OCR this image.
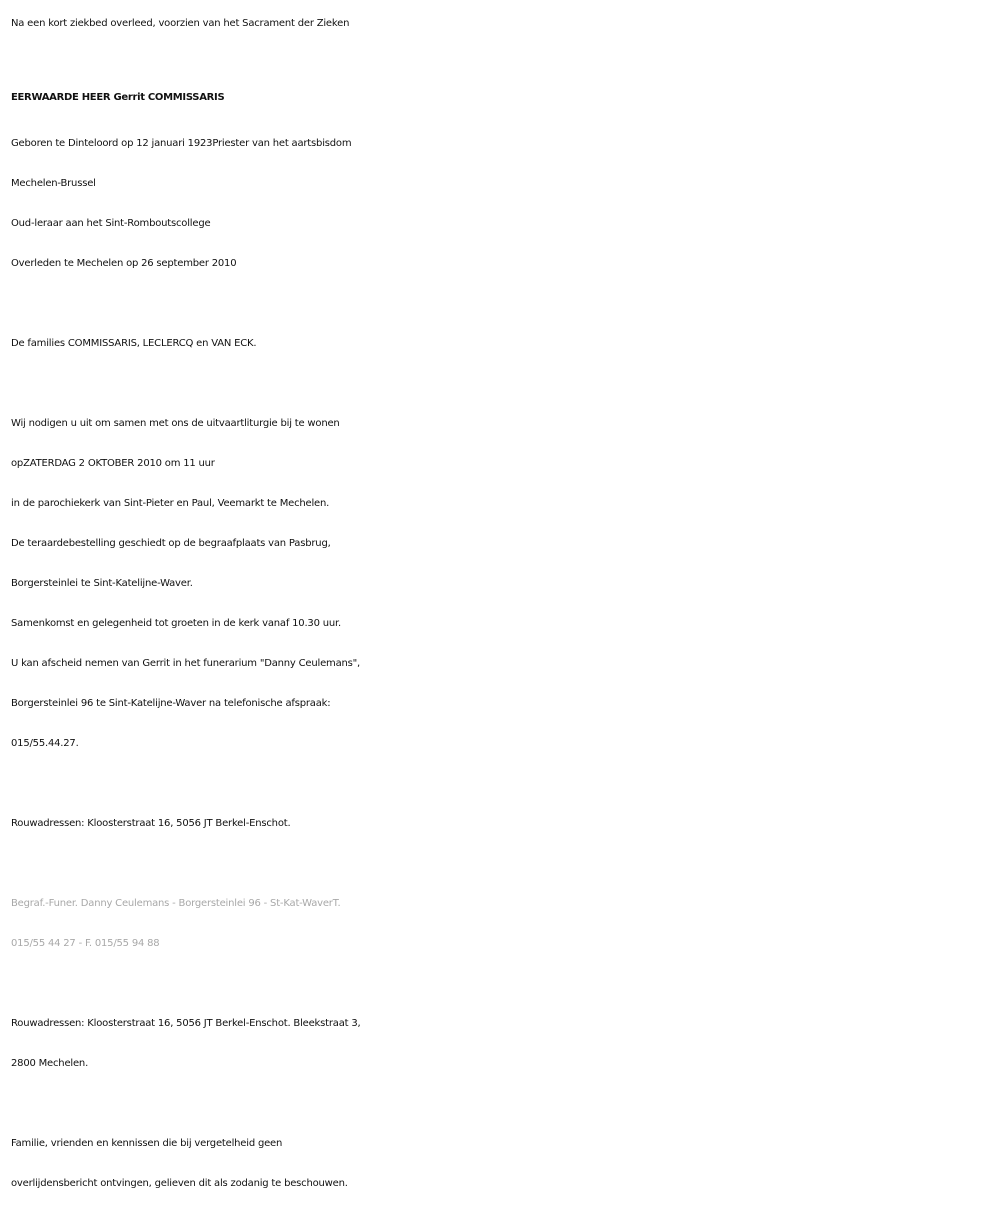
Na een kort ziekbed overleed, voorzien van het Sacrament der Zieken
EERWAARDE HEER Gerrit COMMISSARIS
Geboren te Dinteloord op 12 januari 1923Priester van het aartsbisdom
Mechelen-Brussel
Oud-leraar aan het Sint-Romboutscollege
Overleden te Mechelen op 26 september 2010
De families COMMISSARIS, LECLERCQ en VAN ECK.
Wij nodigen u uit om samen met ons de uitvaartliturgie bij te wonen
opZATERDAG 2 OKTOBER 2010 om 11 uur
in de parochiekerk van Sint-Pieter en Paul, Veemarkt te Mechelen.
De teraardebestelling geschiedt op de begraafplaats van Pasbrug,
Borgersteinlei te Sint-Katelijne-Waver.
Samenkomst en gelegenheid tot groeten in de kerk vanaf 10.30 uur.
U kan afscheid nemen van Gerrit in het funerarium "Danny Ceulemans",
Borgersteinlei 96 te Sint-Katelijne-Waver na telefonische afspraak:
015/55.44.27.
Rouwadressen: Kloosterstraat 16, 5056 JT Berkel-Enschot.
Begraf.-Funer. Danny Ceulemans - Borgersteinlei 96 - St-Kat-WaverT.
015/55 44 27 - F. 015/55 94 88
Rouwadressen: Kloosterstraat 16, 5056 JT Berkel-Enschot. Bleekstraat 3,
2800 Mechelen.
Familie, vrienden en kennissen die bij vergetelheid geen
overlijdensbericht ontvingen, gelieven dit als zodanig te beschouwen.
